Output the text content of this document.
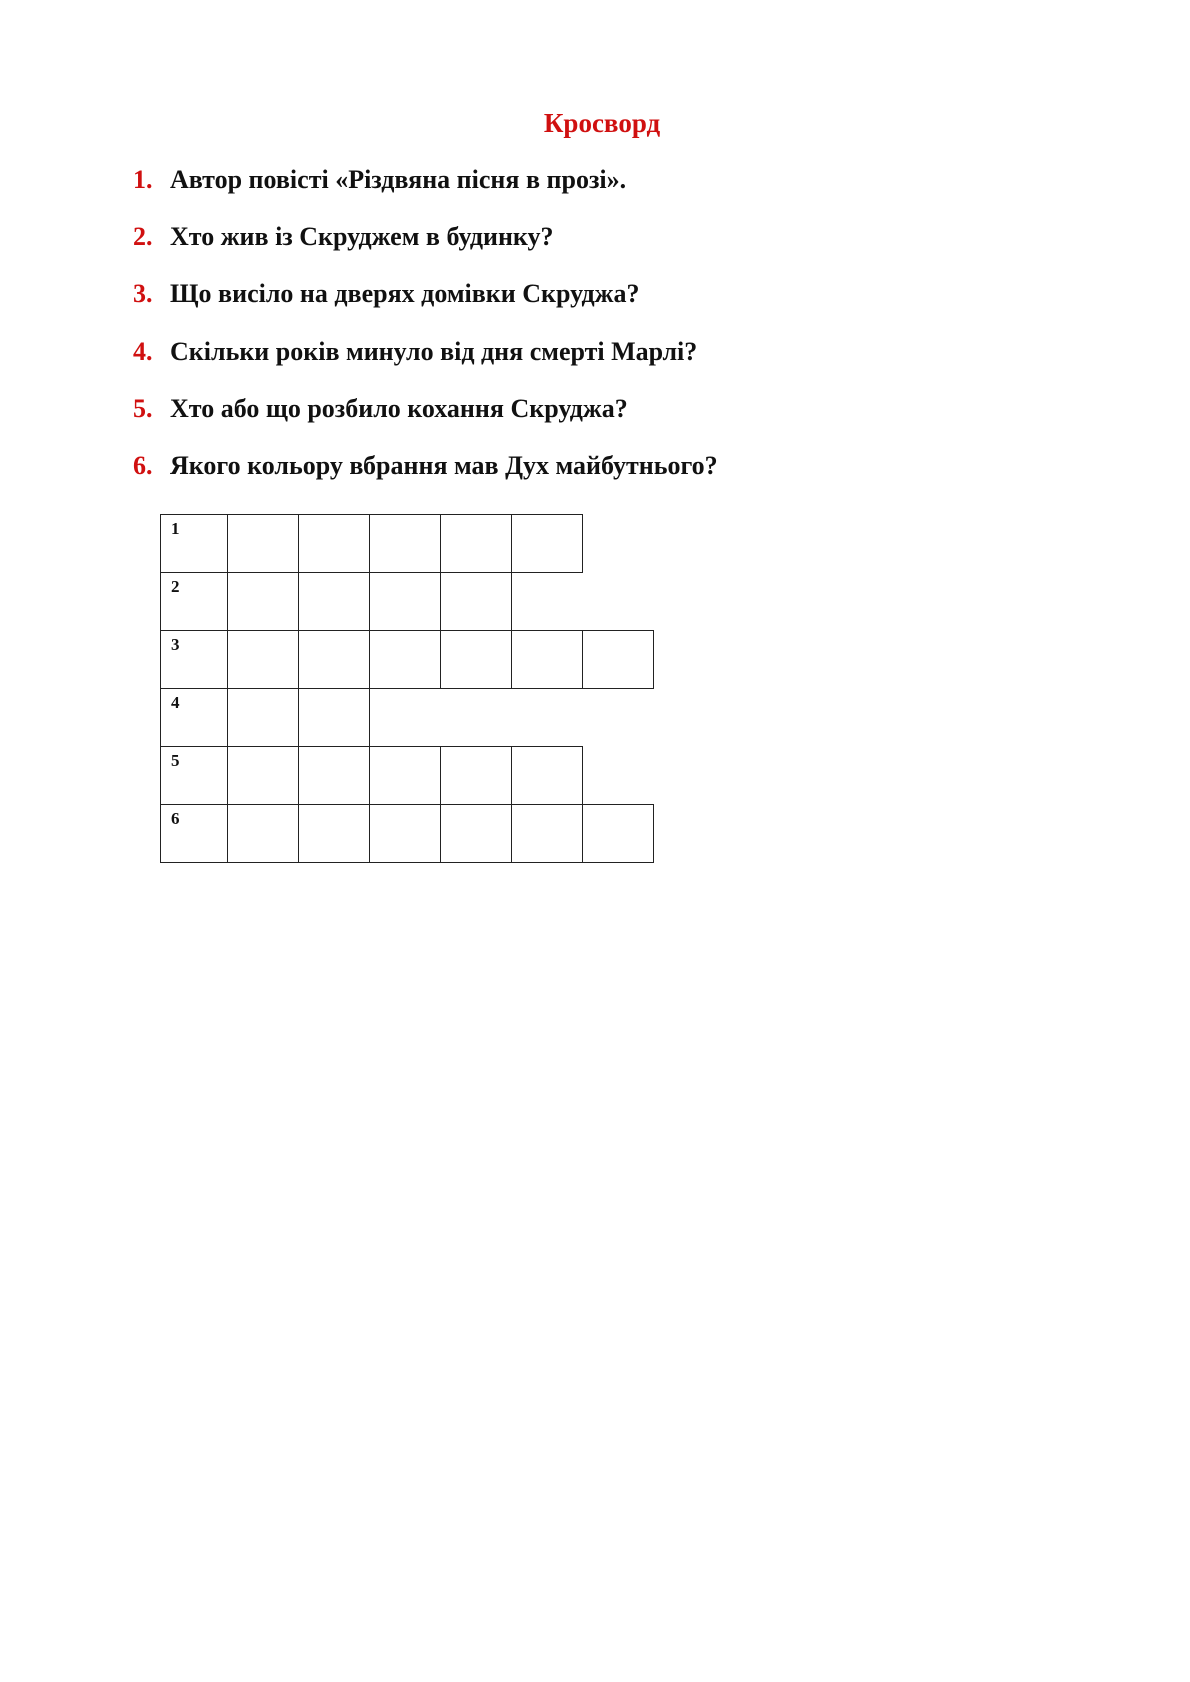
Кросворд
1. Автор повісті «Різдвяна пісня в прозі».
2. Хто жив із Скруджем в будинку?
3. Що висіло на дверях домівки Скруджа?
4. Скільки років минуло від дня смерті Марлі?
5. Хто або що розбило кохання Скруджа?
6. Якого кольору вбрання мав Дух майбутнього?
1
2
3
4
5
6
